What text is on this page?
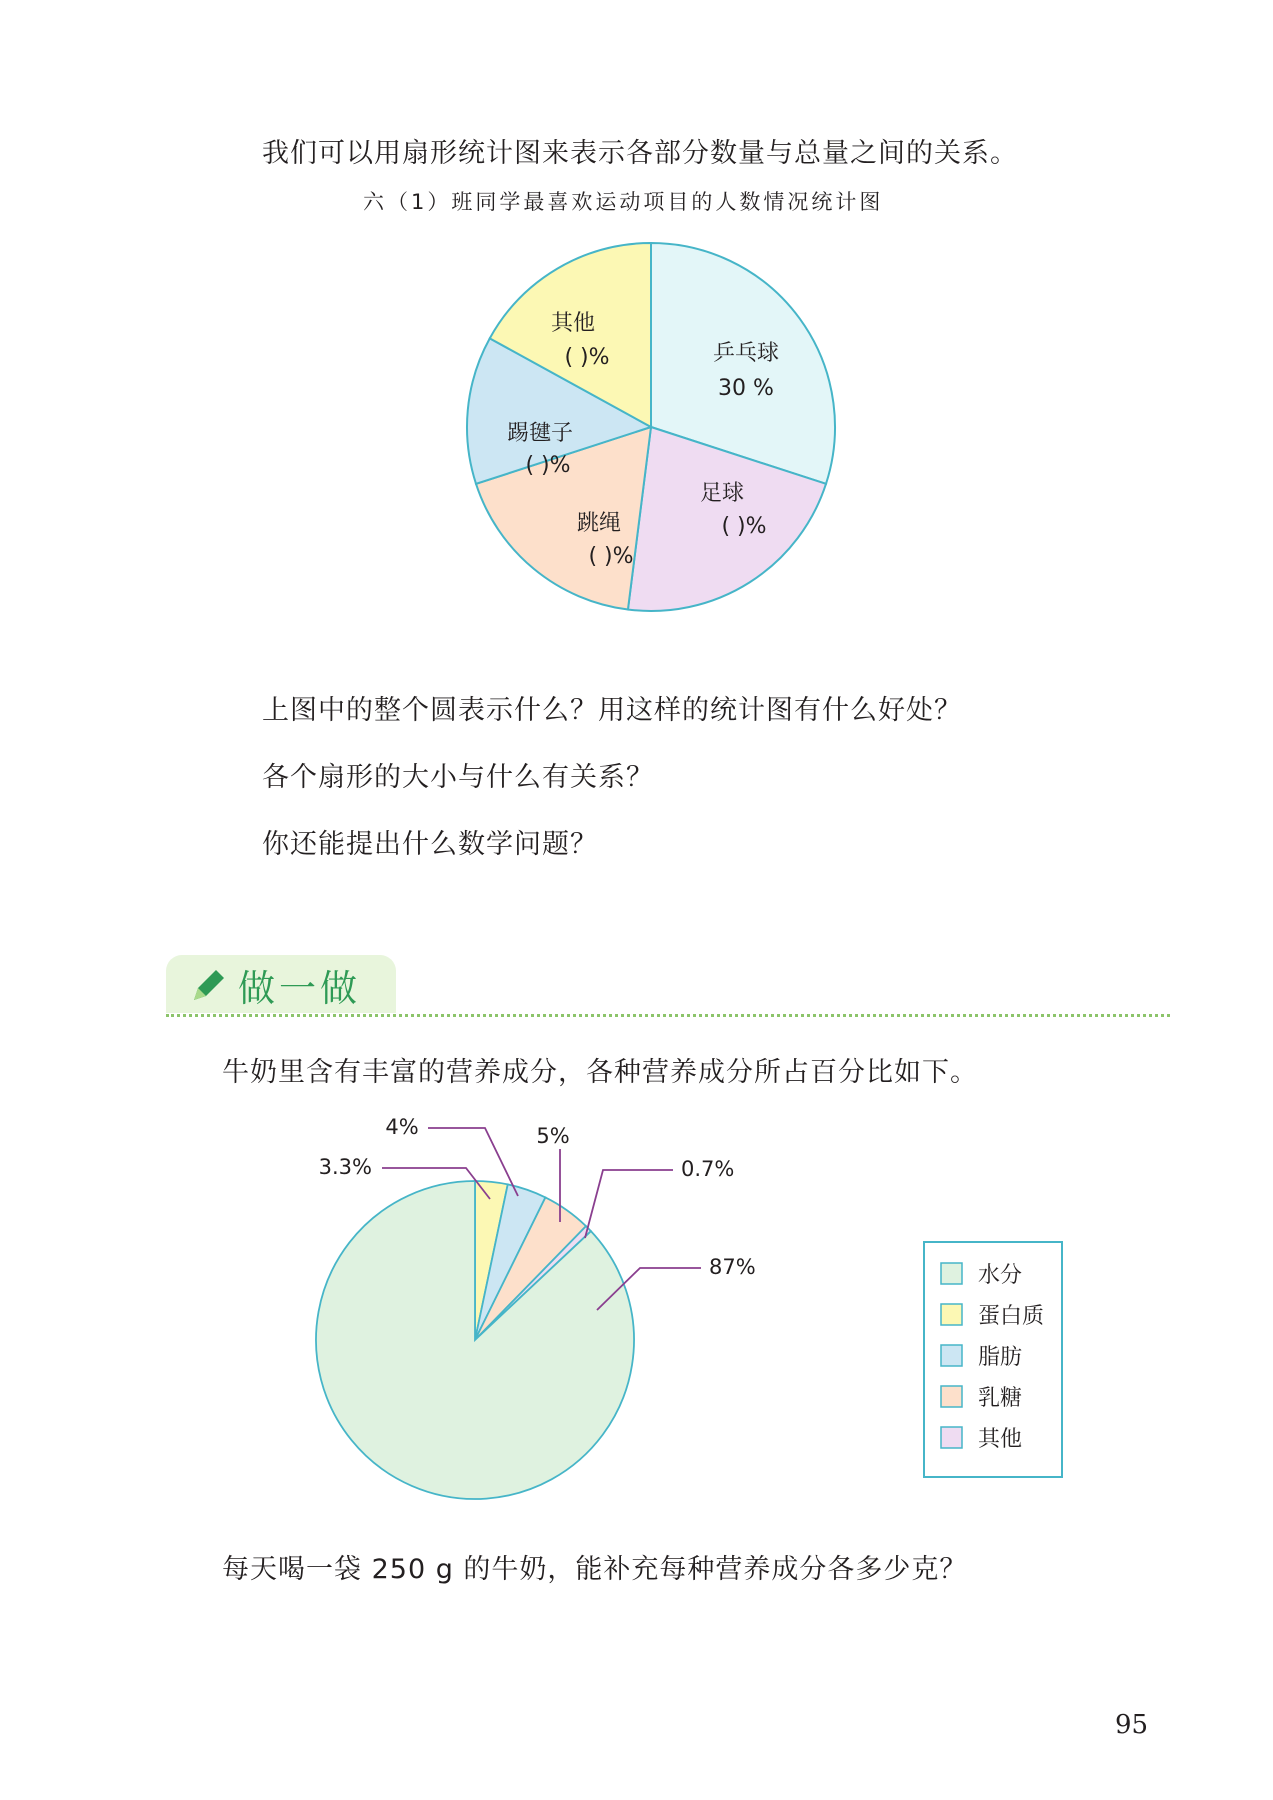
我们可以用扇形统计图来表示各部分数量与总量之间的关系。
六（1）班同学最喜欢运动项目的人数情况统计图
乒乓球
30 %
足球
( )%
跳绳
( )%
踢毽子
( )%
其他
( )%
3.3%
4%	5%
0.7%
87%	水分
蛋白质
脂肪
乳糖
其他
上图中的整个圆表示什么？用这样的统计图有什么好处？
各个扇形的大小与什么有关系？
你还能提出什么数学问题？
做一做
牛奶里含有丰富的营养成分，各种营养成分所占百分比如下。
每天喝一袋 250 g 的牛奶，能补充每种营养成分各多少克？
95
